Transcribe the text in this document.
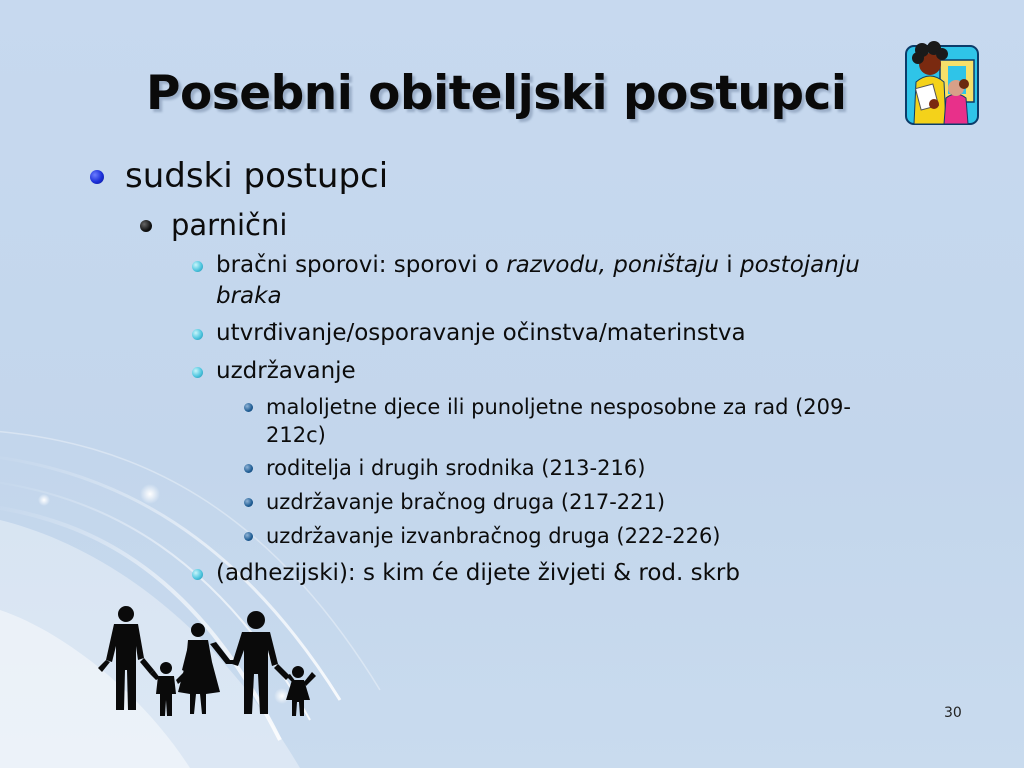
Posebni obiteljski postupci
sudski postupci
parnični
bračni sporovi: sporovi o razvodu, poništaju i postojanju
braka
utvrđivanje/osporavanje očinstva/materinstva
uzdržavanje
maloljetne djece ili punoljetne nesposobne za rad (209-
212c)
roditelja i drugih srodnika (213-216)
uzdržavanje bračnog druga (217-221)
uzdržavanje izvanbračnog druga (222-226)
(adhezijski): s kim će dijete živjeti & rod. skrb
30
